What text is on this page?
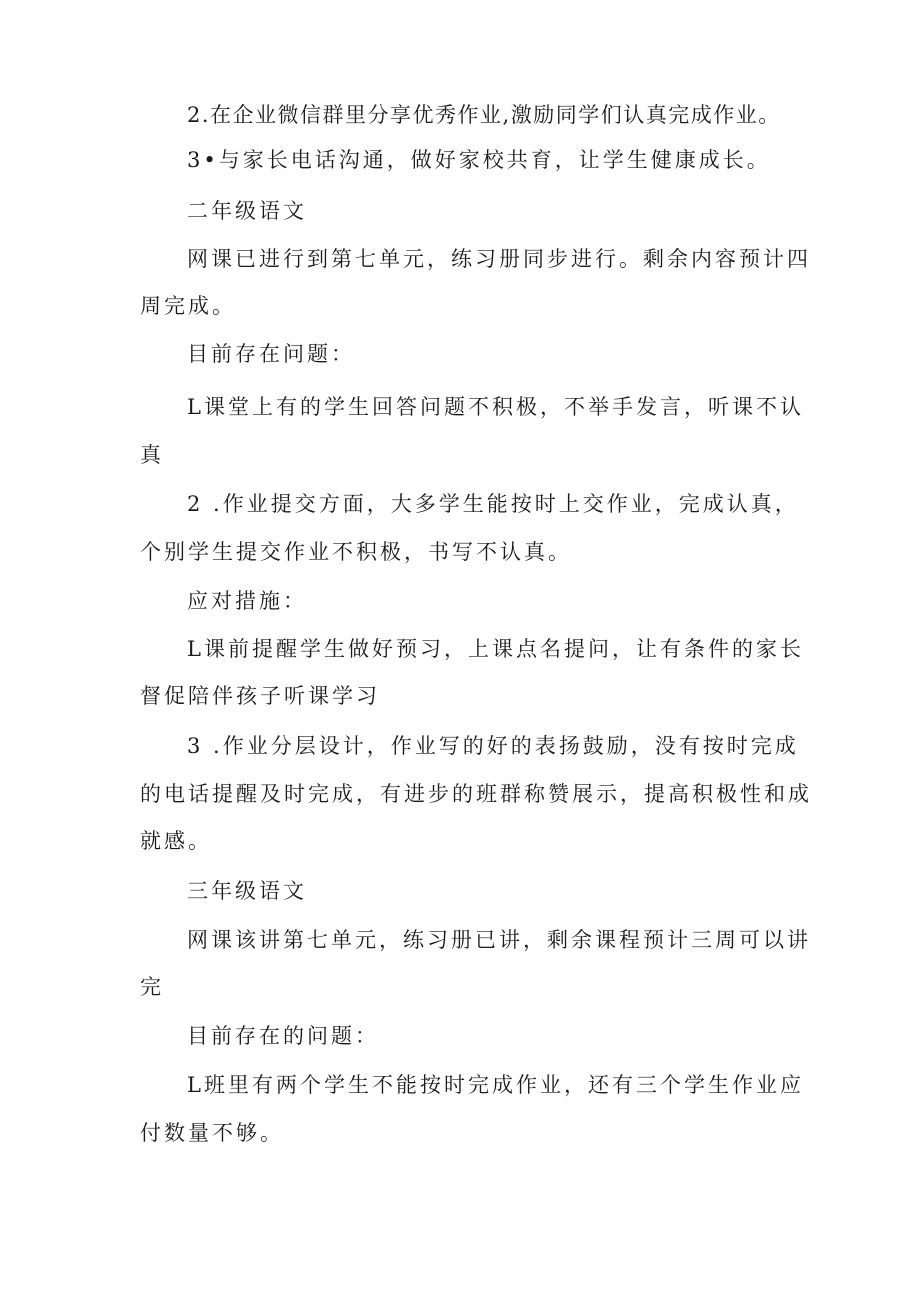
2.在企业微信群里分享优秀作业,激励同学们认真完成作业。
3•与家长电话沟通，做好家校共育，让学生健康成长。
二年级语文
网课已进行到第七单元，练习册同步进行。剩余内容预计四
周完成。
目前存在问题：
L课堂上有的学生回答问题不积极，不举手发言，听课不认
真
2 .作业提交方面，大多学生能按时上交作业，完成认真，
个别学生提交作业不积极，书写不认真。
应对措施：
L课前提醒学生做好预习，上课点名提问，让有条件的家长
督促陪伴孩子听课学习
3 .作业分层设计，作业写的好的表扬鼓励，没有按时完成
的电话提醒及时完成，有进步的班群称赞展示，提高积极性和成
就感。
三年级语文
网课该讲第七单元，练习册已讲，剩余课程预计三周可以讲
完
目前存在的问题：
L班里有两个学生不能按时完成作业，还有三个学生作业应
付数量不够。
